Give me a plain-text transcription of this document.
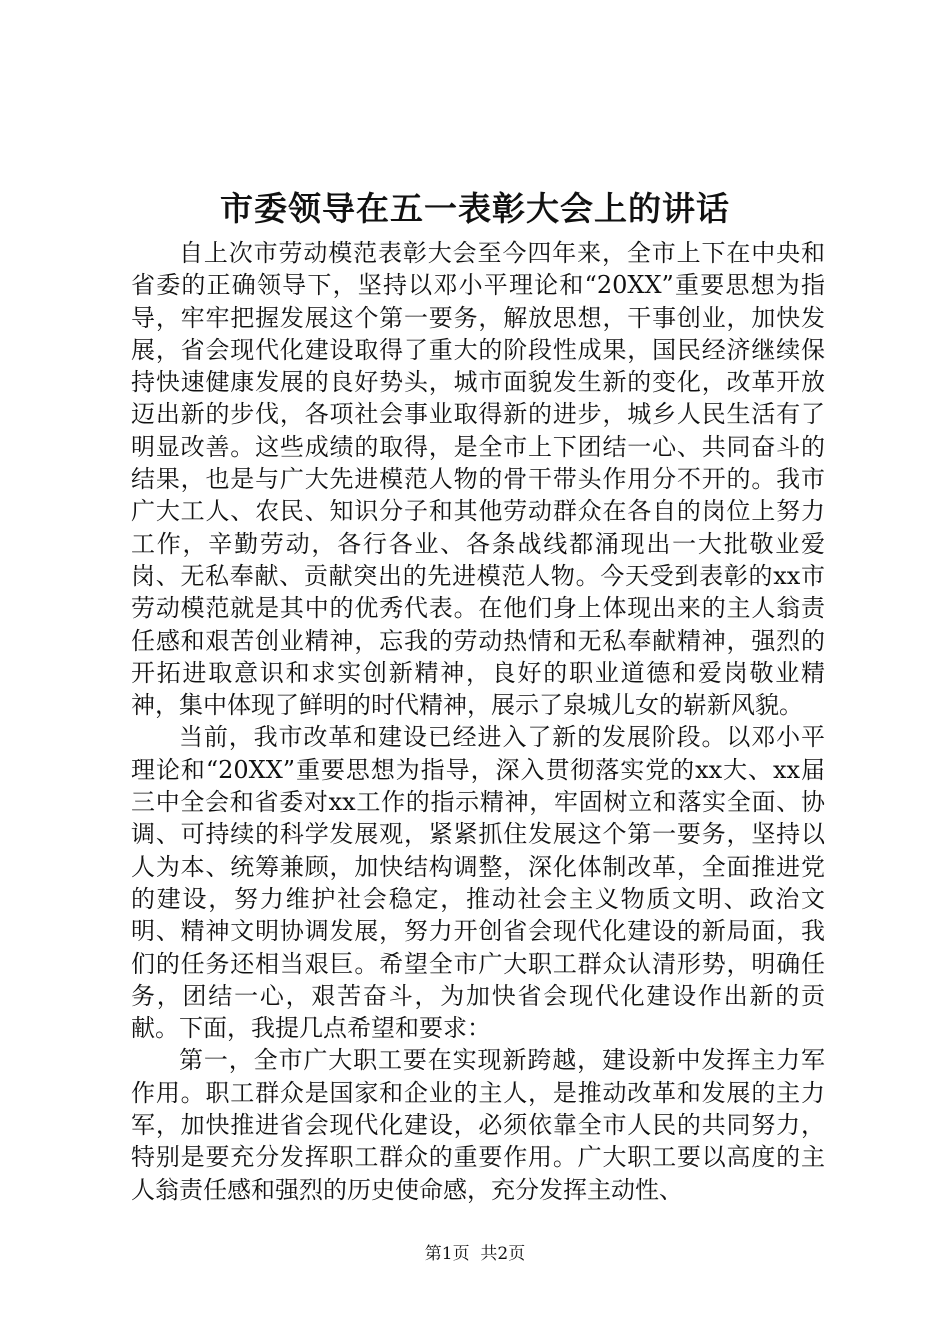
市委领导在五一表彰大会上的讲话

自上次市劳动模范表彰大会至今四年来，全市上下在中央和省委的正确领导下，坚持以邓小平理论和“20XX”重要思想为指导，牢牢把握发展这个第一要务，解放思想，干事创业，加快发展，省会现代化建设取得了重大的阶段性成果，国民经济继续保持快速健康发展的良好势头，城市面貌发生新的变化，改革开放迈出新的步伐，各项社会事业取得新的进步，城乡人民生活有了明显改善。这些成绩的取得，是全市上下团结一心、共同奋斗的结果，也是与广大先进模范人物的骨干带头作用分不开的。我市广大工人、农民、知识分子和其他劳动群众在各自的岗位上努力工作，辛勤劳动，各行各业、各条战线都涌现出一大批敬业爱岗、无私奉献、贡献突出的先进模范人物。今天受到表彰的xx市劳动模范就是其中的优秀代表。在他们身上体现出来的主人翁责任感和艰苦创业精神，忘我的劳动热情和无私奉献精神，强烈的开拓进取意识和求实创新精神，良好的职业道德和爱岗敬业精神，集中体现了鲜明的时代精神，展示了泉城儿女的崭新风貌。

当前，我市改革和建设已经进入了新的发展阶段。以邓小平理论和“20XX”重要思想为指导，深入贯彻落实党的xx大、xx届三中全会和省委对xx工作的指示精神，牢固树立和落实全面、协调、可持续的科学发展观，紧紧抓住发展这个第一要务，坚持以人为本、统筹兼顾，加快结构调整，深化体制改革，全面推进党的建设，努力维护社会稳定，推动社会主义物质文明、政治文明、精神文明协调发展，努力开创省会现代化建设的新局面，我们的任务还相当艰巨。希望全市广大职工群众认清形势，明确任务，团结一心，艰苦奋斗，为加快省会现代化建设作出新的贡献。下面，我提几点希望和要求：

第一，全市广大职工要在实现新跨越，建设新中发挥主力军作用。职工群众是国家和企业的主人，是推动改革和发展的主力军，加快推进省会现代化建设，必须依靠全市人民的共同努力，特别是要充分发挥职工群众的重要作用。广大职工要以高度的主人翁责任感和强烈的历史使命感，充分发挥主动性、

第1页  共2页
